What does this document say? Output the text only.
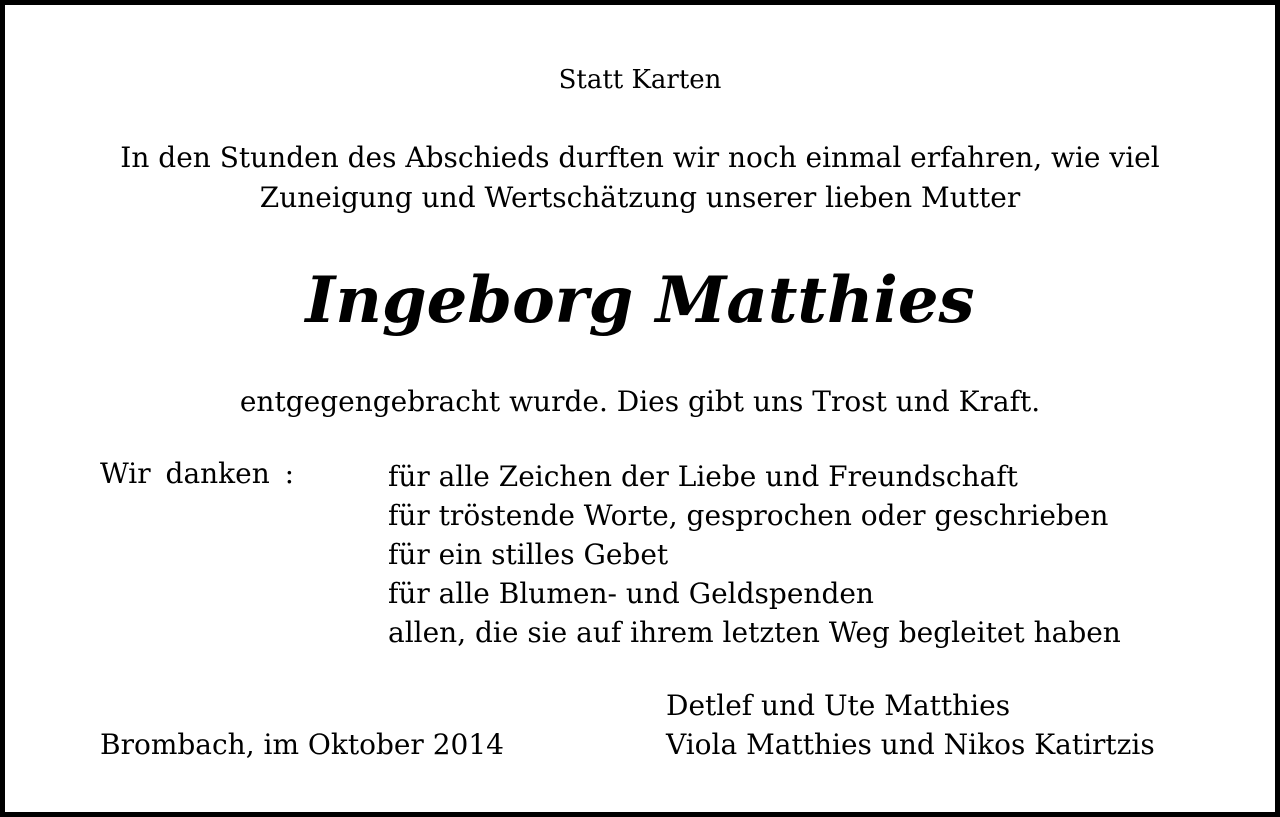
Statt Karten

In den Stunden des Abschieds durften wir noch einmal erfahren, wie viel

Zuneigung und Wertschätzung unserer lieben Mutter

Ingeborg Matthies

entgegengebracht wurde. Dies gibt uns Trost und Kraft.

Wir danken :	für alle Zeichen der Liebe und Freundschaft
für tröstende Worte, gesprochen oder geschrieben
für ein stilles Gebet
für alle Blumen- und Geldspenden
allen, die sie auf ihrem letzten Weg begleitet haben

Detlef und Ute Matthies

Brombach, im Oktober 2014	Viola Matthies und Nikos Katirtzis
